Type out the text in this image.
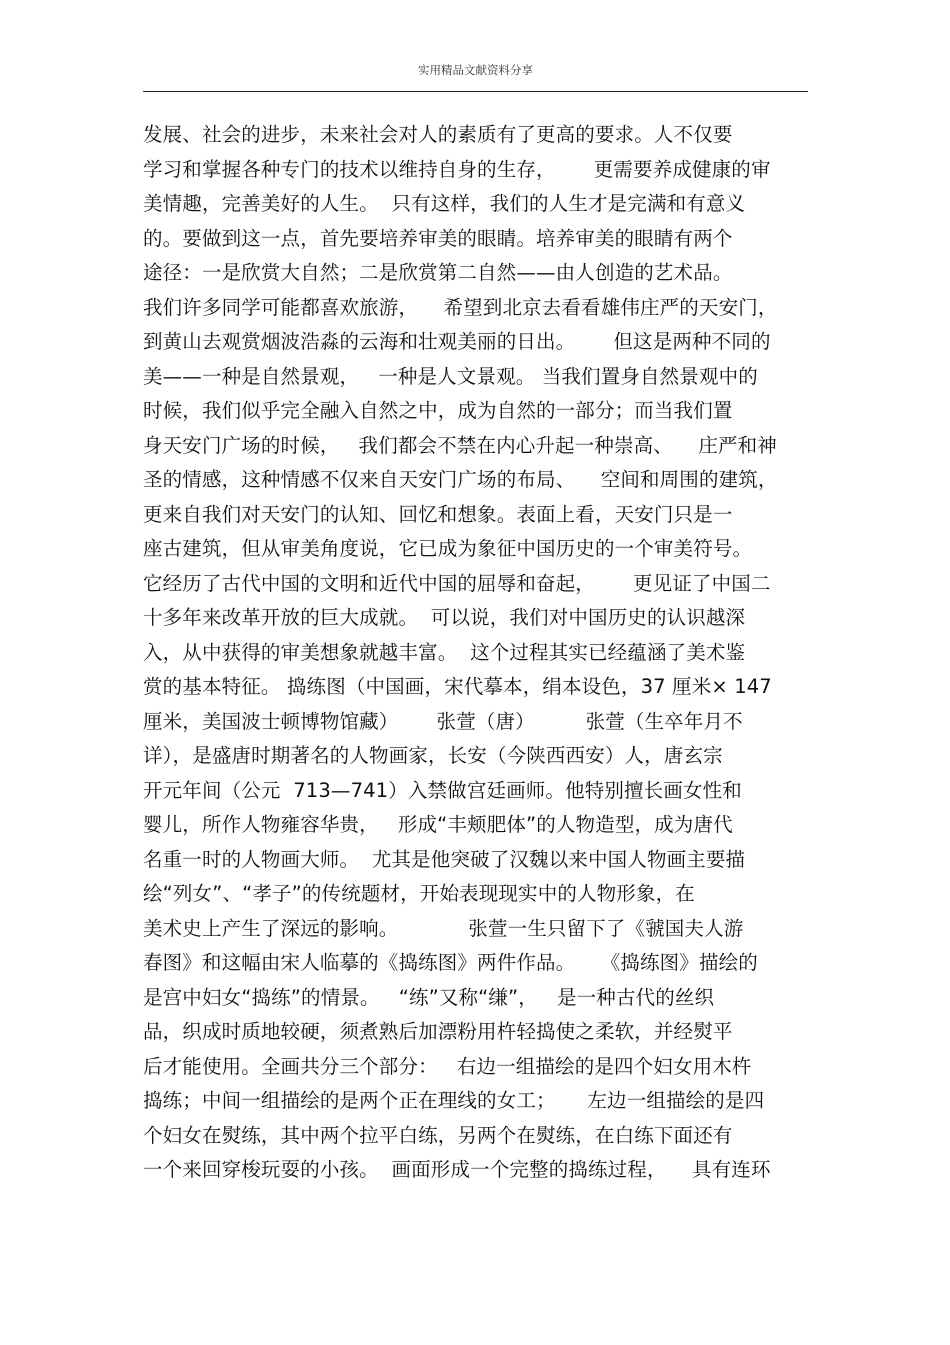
实用精品文献资料分享
发展、社会的进步，未来社会对人的素质有了更高的要求。人不仅要
学习和掌握各种专门的技术以维持自身的生存，      更需要养成健康的审
美情趣，完善美好的人生。  只有这样，我们的人生才是完满和有意义
的。要做到这一点，首先要培养审美的眼睛。培养审美的眼睛有两个
途径：一是欣赏大自然；二是欣赏第二自然——由人创造的艺术品。
我们许多同学可能都喜欢旅游，    希望到北京去看看雄伟庄严的天安门，
到黄山去观赏烟波浩淼的云海和壮观美丽的日出。      但这是两种不同的
美——一种是自然景观，   一种是人文景观。 当我们置身自然景观中的
时候，我们似乎完全融入自然之中，成为自然的一部分；而当我们置
身天安门广场的时候，   我们都会不禁在内心升起一种崇高、    庄严和神
圣的情感，这种情感不仅来自天安门广场的布局、    空间和周围的建筑，
更来自我们对天安门的认知、回忆和想象。表面上看，天安门只是一
座古建筑，但从审美角度说，它已成为象征中国历史的一个审美符号。
它经历了古代中国的文明和近代中国的屈辱和奋起，      更见证了中国二
十多年来改革开放的巨大成就。  可以说，我们对中国历史的认识越深
入，从中获得的审美想象就越丰富。  这个过程其实已经蕴涵了美术鉴
赏的基本特征。 捣练图（中国画，宋代摹本，绢本设色，37 厘米× 147
厘米，美国波士顿博物馆藏）      张萱（唐）        张萱（生卒年月不
详），是盛唐时期著名的人物画家，长安（今陕西西安）人，唐玄宗
开元年间（公元  713—741）入禁做宫廷画师。他特别擅长画女性和
婴儿，所作人物雍容华贵，   形成“丰颊肥体”的人物造型，成为唐代
名重一时的人物画大师。  尤其是他突破了汉魏以来中国人物画主要描
绘“列女”、“孝子”的传统题材，开始表现现实中的人物形象，在
美术史上产生了深远的影响。           张萱一生只留下了《虢国夫人游
春图》和这幅由宋人临摹的《捣练图》两件作品。    《捣练图》描绘的
是宫中妇女“捣练”的情景。   “练”又称“缣”，   是一种古代的丝织
品，织成时质地较硬，须煮熟后加漂粉用杵轻捣使之柔软，并经熨平
后才能使用。全画共分三个部分：   右边一组描绘的是四个妇女用木杵
捣练；中间一组描绘的是两个正在理线的女工；     左边一组描绘的是四
个妇女在熨练，其中两个拉平白练，另两个在熨练，在白练下面还有
一个来回穿梭玩耍的小孩。  画面形成一个完整的捣练过程，    具有连环
